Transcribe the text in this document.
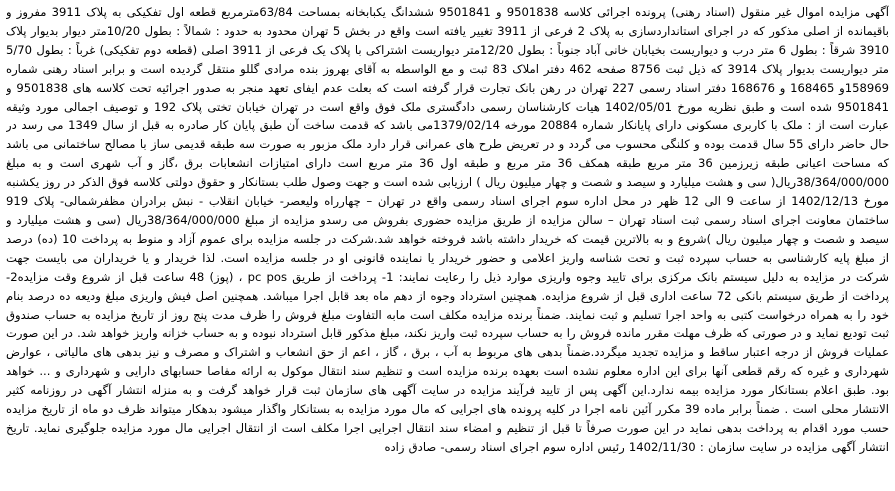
آگهی مزایده اموال غیر منقول (اسناد رهنی) پرونده اجرائی کلاسه 9501838 و 9501841 ششدانگ یکبابخانه بمساحت 63/84مترمربع قطعه اول تفکیکی به پلاک 3911 مفروز و باقیمانده از اصلی مذکور که در اجرای استانداردسازی به پلاک 2 فرعی از 3911 تغییر یافته است واقع در بخش 5 تهران محدود به حدود : شمالاً : بطول 10/20متر دیوار بدیوار پلاک 3910 شرقاً : بطول 6 متر درب و دیواریست بخیابان خانی آباد جنوباً : بطول 12/20متر دیواریست اشتراکی با پلاک یک فرعی از 3911 اصلی (قطعه دوم تفکیکی) غرباً : بطول 5/70 متر دیواریست بدیوار پلاک 3914 که ذیل ثبت 8756 صفحه 462 دفتر املاک 83 ثبت و مع الواسطه به آقای بهروز بنده مرادی گللو منتقل گردیده است و برابر اسناد رهنی شماره 158969و 168465 و 168676 دفتر اسناد رسمی 227 تهران در رهن بانک تجارت قرار گرفته است که بعلت عدم ایفای تعهد منجر به صدور اجرائیه تحت کلاسه های 9501838 و 9501841 شده است و طبق نظریه مورخ 1402/05/01 هیات کارشناسان رسمی دادگستری ملک فوق واقع است در تهران خیابان تختی پلاک 192 و توصیف اجمالی مورد وثیقه عبارت است از : ملک با کاربری مسکونی دارای پایانکار شماره 20884 مورخه 1379/02/14می باشد که قدمت ساخت آن طبق پایان کار صادره به قبل از سال 1349 می رسد در حال حاضر دارای 55 سال قدمت بوده و کلنگی محسوب می گردد و در تعریض طرح های عمرانی قرار دارد ملک مزبور به صورت سه طبقه قدیمی ساز با مصالح ساختمانی می باشد که مساحت اعیانی طبقه زیرزمین 36 متر مربع طبقه همکف 36 متر مربع و طبقه اول 36 متر مربع است دارای امتیازات انشعابات برق ،گاز و آب شهری است و به مبلغ 38/364/000/000ریال( سی و هشت میلیارد و سیصد و شصت و چهار میلیون ریال ) ارزیابی شده است و جهت وصول طلب بستانکار و حقوق دولتی کلاسه فوق الذکر در روز یکشنبه مورخ 1402/12/13 از ساعت 9 الی 12 ظهر در محل اداره سوم اجرای اسناد رسمی واقع در تهران – چهارراه ولیعصر- خیابان انقلاب - نبش برادران مظفرشمالی- پلاک 919 ساختمان معاونت اجرای اسناد رسمی ثبت اسناد تهران – سالن مزایده از طریق مزایده حضوری بفروش می رسدو مزایده از مبلغ 38/364/000/000ریال (سی و هشت میلیارد و سیصد و شصت و چهار میلیون ریال )شروع و به بالاترین قیمت که خریدار داشته باشد فروخته خواهد شد.شرکت در جلسه مزایده برای عموم آزاد و منوط به پرداخت 10 (ده) درصد از مبلغ پایه کارشناسی به حساب سپرده ثبت و تحت شناسه واریز اعلامی و حضور خریدار یا نماینده قانونی او در جلسه مزایده است. لذا خریدار و یا خریداران می بایست جهت شرکت در مزایده به دلیل سیستم بانک مرکزی برای تایید وجوه واریزی موارد ذیل را رعایت نمایند: 1- پرداخت از طریق pc pos ، (پوز) 48 ساعت قبل از شروع وقت مزایده2- پرداخت از طریق سیستم بانکی 72 ساعت اداری قبل از شروع مزایده. همچنین استرداد وجوه از دهم ماه بعد قابل اجرا میباشد. همچنین اصل فیش واریزی مبلغ ودیعه ده درصد بنام خود را به همراه درخواست کتبی به واحد اجرا تسلیم و ثبت نمایند. ضمناً برنده مزایده مکلف است مابه التفاوت مبلغ فروش را ظرف مدت پنج روز از تاریخ مزایده به حساب صندوق ثبت تودیع نماید و در صورتی که ظرف مهلت مقرر مانده فروش را به حساب سپرده ثبت واریز نکند، مبلغ مذکور قابل استرداد نبوده و به حساب خزانه واریز خواهد شد. در این صورت عملیات فروش از درجه اعتبار ساقط و مزایده تجدید میگردد.ضمناً بدهی های مربوط به آب ، برق ، گاز ، اعم از حق انشعاب و اشتراک و مصرف و نیز بدهی های مالیاتی ، عوارض شهرداری و غیره که رقم قطعی آنها برای این اداره معلوم نشده است بعهده برنده مزایده است و تنظیم سند انتقال موکول به ارائه مفاصا حسابهای دارایی و شهرداری و ... خواهد بود. طبق اعلام بستانکار مورد مزایده بیمه ندارد.این آگهی پس از تایید فرآیند مزایده در سایت آگهی های سازمان ثبت قرار خواهد گرفت و به منزله انتشار آگهی در روزنامه کثیر الانتشار محلی است . ضمناً برابر ماده 39 مکرر آئین نامه اجرا در کلیه پرونده های اجرایی که مال مورد مزایده به بستانکار واگذار میشود بدهکار میتواند ظرف دو ماه از تاریخ مزایده حسب مورد اقدام به پرداخت بدهی نماید در این صورت صرفاً تا قبل از تنظیم و امضاء سند انتقال اجرایی اجرا مکلف است از انتقال اجرایی مال مورد مزایده جلوگیری نماید. تاریخ انتشار آگهی مزایده در سایت سازمان : 1402/11/30 رئیس اداره سوم اجرای اسناد رسمی- صادق زاده
